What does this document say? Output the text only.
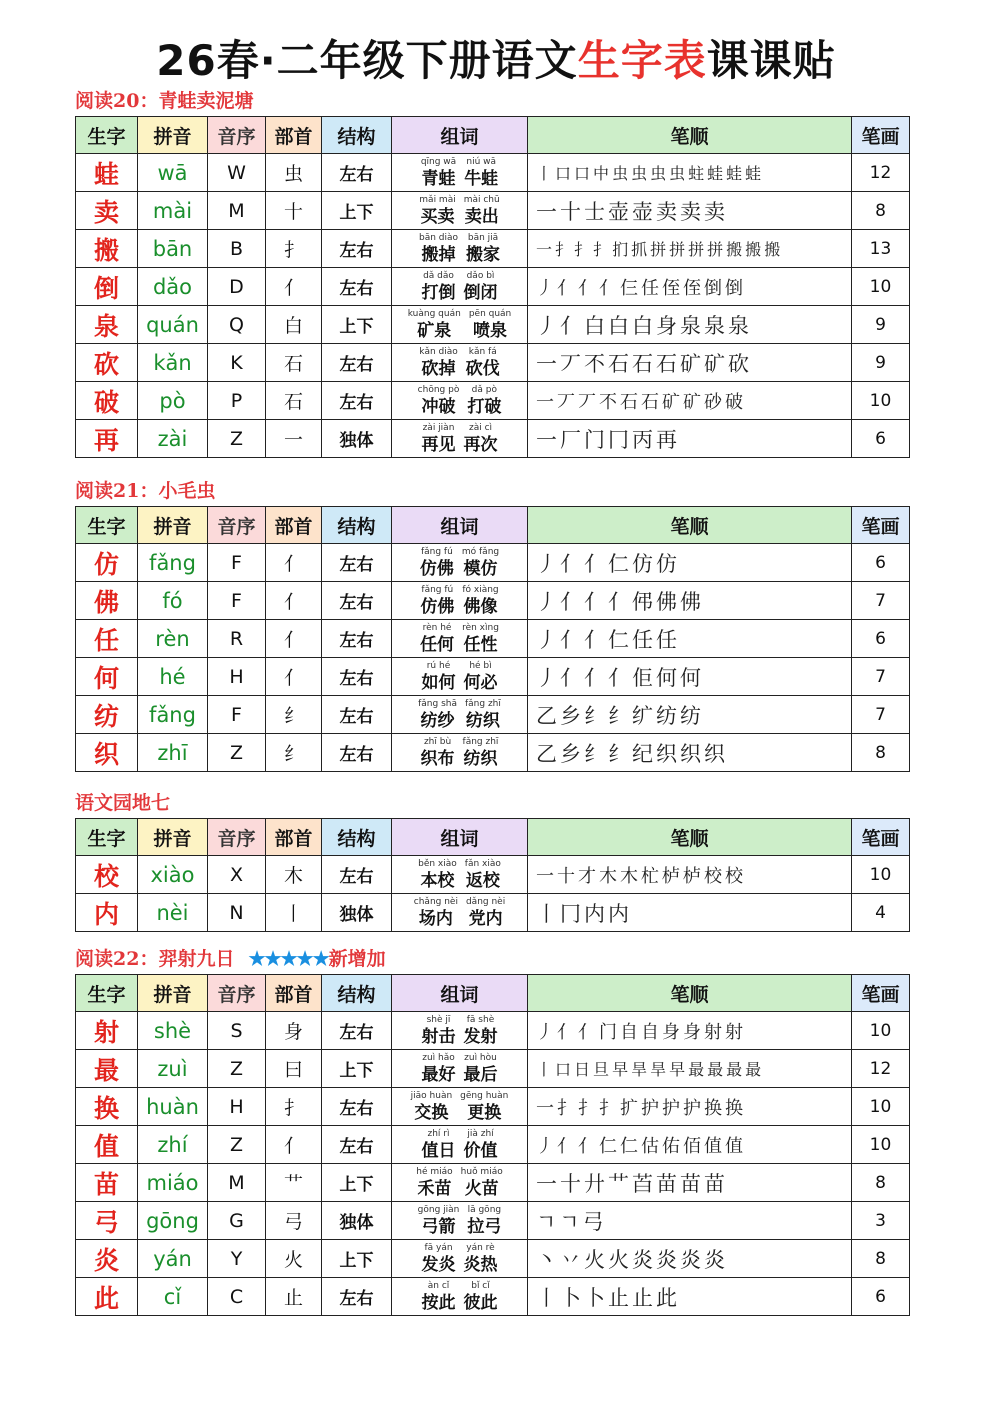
26春·二年级下册语文生字表课课贴
阅读20：青蛙卖泥塘
生字	拼音	音序	部首	结构	组词	笔顺	笔画
蛙	wā	W	虫	左右	qīng wā
青蛙
niú wā
牛蛙	丨 口 口 中 虫 虫 虫 虫 蛀 蛙 蛙 蛙	12
卖	mài	M	十	上下	mǎi mài
买卖
mài chū
卖出	一 十 士 壶 壶 卖 卖 卖	8
搬	bān	B	扌	左右	bān diào
搬掉
bān jiā
搬家	一 扌 扌 扌 扪 抓 拼 拼 拼 拼 搬 搬 搬	13
倒	dǎo	D	亻	左右	dǎ dǎo
打倒
dǎo bì
倒闭	丿 亻 亻 亻 仨 任 侄 侄 倒 倒	10
泉	quán	Q	白	上下	kuàng quán
矿泉
pēn quán
喷泉	丿 亻 白 白 白 身 泉 泉 泉	9
砍	kǎn	K	石	左右	kǎn diào
砍掉
kǎn fá
砍伐	一 丆 不 石 石 石 矿 矿 砍	9
破	pò	P	石	左右	chōng pò
冲破
dǎ pò
打破	一 丆 丆 不 石 石 矿 矿 砂 破	10
再	zài	Z	一	独体	zài jiàn
再见
zài cì
再次	一 厂 门 冂 丙 再	6
阅读21：小毛虫
生字	拼音	音序	部首	结构	组词	笔顺	笔画
仿	fǎng	F	亻	左右	fǎng fú
仿佛
mó fǎng
模仿	丿 亻 亻 仁 仿 仿	6
佛	fó	F	亻	左右	fǎng fú
仿佛
fó xiàng
佛像	丿 亻 亻 亻 伄 佛 佛	7
任	rèn	R	亻	左右	rèn hé
任何
rèn xìng
任性	丿 亻 亻 仁 任 任	6
何	hé	H	亻	左右	rú hé
如何
hé bì
何必	丿 亻 亻 亻 佢 何 何	7
纺	fǎng	F	纟	左右	fǎng shā
纺纱
fǎng zhī
纺织	乙 乡 纟 纟 纩 纺 纺	7
织	zhī	Z	纟	左右	zhī bù
织布
fǎng zhī
纺织	乙 乡 纟 纟 纪 织 织 织	8
语文园地七
生字	拼音	音序	部首	结构	组词	笔顺	笔画
校	xiào	X	木	左右	běn xiào
本校
fǎn xiào
返校	一 十 才 木 木 杧 栌 栌 校 校	10
内	nèi	N	丨	独体	chǎng nèi
场内
dǎng nèi
党内	丨 冂 内 内	4
阅读22：羿射九日 ★★★★★新增加
生字	拼音	音序	部首	结构	组词	笔顺	笔画
射	shè	S	身	左右	shè jī
射击
fā shè
发射	丿 亻 亻 门 自 自 身 身 射 射	10
最	zuì	Z	曰	上下	zuì hǎo
最好
zuì hòu
最后	丨 口 日 旦 早 旱 旱 早 最 最 最 最	12
换	huàn	H	扌	左右	jiāo huàn
交换
gēng huàn
更换	一 扌 扌 扌 扩 护 护 护 换 换	10
值	zhí	Z	亻	左右	zhí rì
值日
jià zhí
价值	丿 亻 亻 仁 仁 估 佑 佰 值 值	10
苗	miáo	M	艹	上下	hé miáo
禾苗
huǒ miáo
火苗	一 十 廾 艹 苩 苗 苗 苗	8
弓	gōng	G	弓	独体	gōng jiàn
弓箭
lā gōng
拉弓	ㄱ ㄱ 弓	3
炎	yán	Y	火	上下	fā yán
发炎
yán rè
炎热	丶 丷 火 火 炎 炎 炎 炎	8
此	cǐ	C	止	左右	àn cǐ
按此
bǐ cǐ
彼此	丨 卜 卜 止 止 此	6
